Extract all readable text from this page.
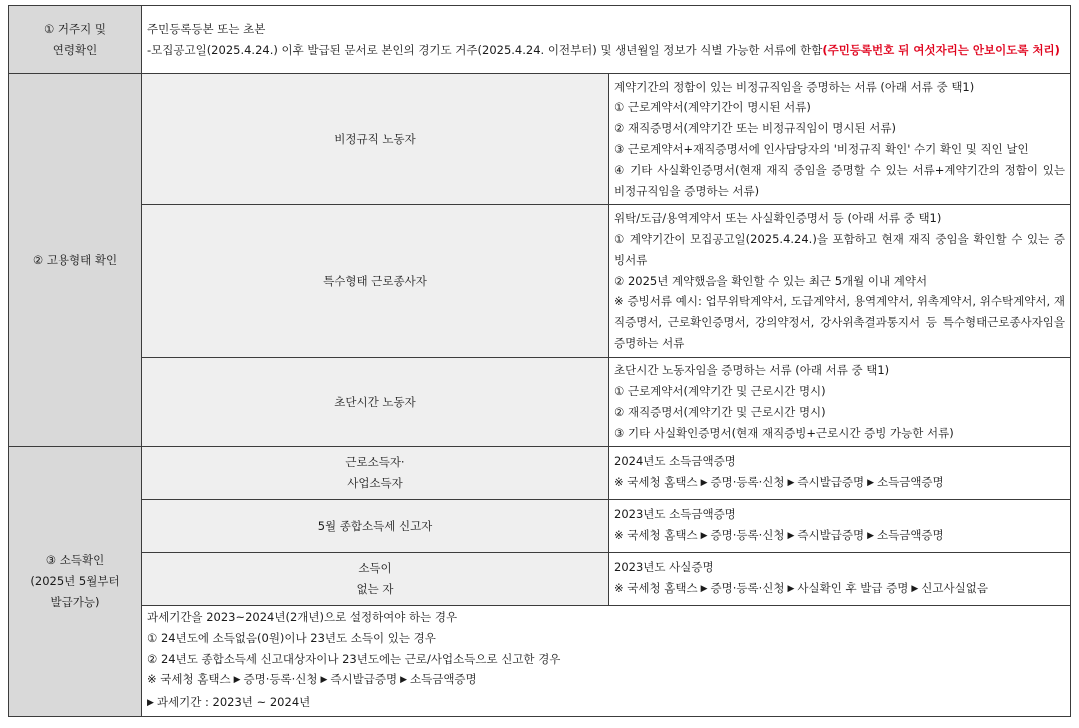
① 거주지 및
연령확인	주민등록등본 또는 초본
-모집공고일(2025.4.24.) 이후 발급된 문서로 본인의 경기도 거주(2025.4.24. 이전부터) 및 생년월일 정보가 식별 가능한 서류에 한함(주민등록번호 뒤 여섯자리는 안보이도록 처리)	
② 고용형태 확인	비정규직 노동자	계약기간의 정함이 있는 비정규직임을 증명하는 서류 (아래 서류 중 택1)
① 근로계약서(계약기간이 명시된 서류)
② 재직증명서(계약기간 또는 비정규직임이 명시된 서류)
③ 근로계약서+재직증명서에 인사담당자의 '비정규직 확인' 수기 확인 및 직인 날인
④ 기타 사실확인증명서(현재 재직 중임을 증명할 수 있는 서류+계약기간의 정함이 있는 비정규직임을 증명하는 서류)

	특수형태 근로종사자	위탁/도급/용역계약서 또는 사실확인증명서 등 (아래 서류 중 택1)
① 계약기간이 모집공고일(2025.4.24.)을 포함하고 현재 재직 중임을 확인할 수 있는 증빙서류
② 2025년 계약했음을 확인할 수 있는 최근 5개월 이내 계약서
※ 증빙서류 예시: 업무위탁계약서, 도급계약서, 용역계약서, 위촉계약서, 위수탁계약서, 재직증명서, 근로확인증명서, 강의약정서, 강사위촉결과통지서 등 특수형태근로종사자임을 증명하는 서류

	초단시간 노동자	초단시간 노동자임을 증명하는 서류 (아래 서류 중 택1)
① 근로계약서(계약기간 및 근로시간 명시)
② 재직증명서(계약기간 및 근로시간 명시)
③ 기타 사실확인증명서(현재 재직증빙+근로시간 증빙 가능한 서류)

③ 소득확인
(2025년 5월부터
발급가능)	근로소득자·
사업소득자	2024년도 소득금액증명
※ 국세청 홈택스 ▶ 증명·등록·신청 ▶ 즉시발급증명 ▶ 소득금액증명

	5월 종합소득세 신고자	2023년도 소득금액증명
※ 국세청 홈택스 ▶ 증명·등록·신청 ▶ 즉시발급증명 ▶ 소득금액증명

	소득이
없는 자	2023년도 사실증명
※ 국세청 홈택스 ▶ 증명·등록·신청 ▶ 사실확인 후 발급 증명 ▶ 신고사실없음

	과세기간을 2023~2024년(2개년)으로 설정하여야 하는 경우
① 24년도에 소득없음(0원)이나 23년도 소득이 있는 경우
② 24년도 종합소득세 신고대상자이나 23년도에는 근로/사업소득으로 신고한 경우
※ 국세청 홈택스 ▶ 증명·등록·신청 ▶ 즉시발급증명 ▶ 소득금액증명
▶ 과세기간 : 2023년 ~ 2024년	
